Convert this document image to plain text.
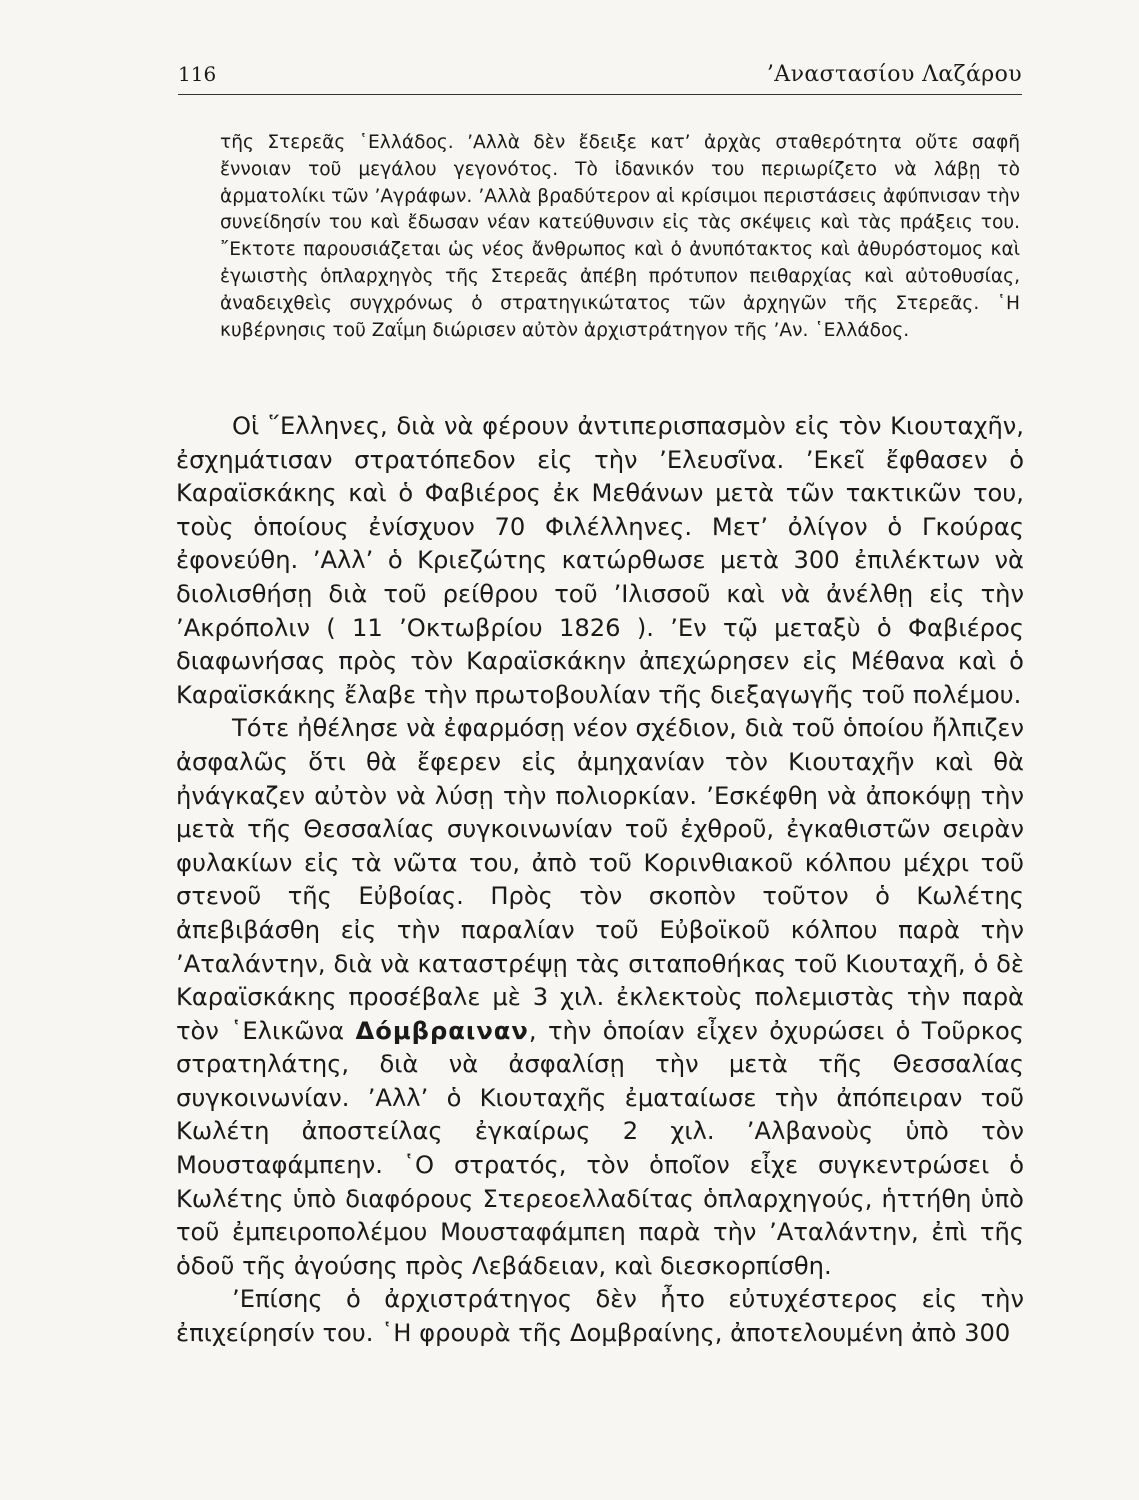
116	’Αναστασίου Λαζάρου

τῆς Στερεᾶς ῾Ελλάδος. ’Αλλὰ δὲν ἔδειξε κατ’ ἀρχὰς σταθερότητα οὔτε σαφῆ ἔννοιαν τοῦ μεγάλου γεγονότος. Τὸ ἰδανικόν του περιωρίζετο νὰ λάβῃ τὸ ἁρματολίκι τῶν ’Αγράφων. ’Αλλὰ βραδύτερον αἱ κρίσιμοι περιστάσεις ἀφύπνισαν τὴν συνείδησίν του καὶ ἔδωσαν νέαν κατεύθυνσιν εἰς τὰς σκέψεις καὶ τὰς πράξεις του. ῎Εκτοτε παρουσιάζεται ὡς νέος ἄνθρωπος καὶ ὁ ἀνυπότακτος καὶ ἀθυρόστομος καὶ ἐγωιστὴς ὁπλαρχηγὸς τῆς Στερεᾶς ἀπέβη πρότυπον πειθαρχίας καὶ αὐτοθυσίας, ἀναδειχθεὶς συγχρόνως ὁ στρατηγικώτατος τῶν ἀρχηγῶν τῆς Στερεᾶς. ῾Η κυβέρνησις τοῦ Ζαΐμη διώρισεν αὐτὸν ἀρχιστράτηγον τῆς ’Αν. ῾Ελλάδος.

Οἱ ῞Ελληνες, διὰ νὰ φέρουν ἀντιπερισπασμὸν εἰς τὸν Κιουταχῆν, ἐσχημάτισαν στρατόπεδον εἰς τὴν ’Ελευσῖνα. ’Εκεῖ ἔφθασεν ὁ Καραϊσκάκης καὶ ὁ Φαβιέρος ἐκ Μεθάνων μετὰ τῶν τακτικῶν του, τοὺς ὁποίους ἐνίσχυον 70 Φιλέλληνες. Μετ’ ὀλίγον ὁ Γκούρας ἐφονεύθη. ’Αλλ’ ὁ Κριεζώτης κατώρθωσε μετὰ 300 ἐπιλέκτων νὰ διολισθήσῃ διὰ τοῦ ρείθρου τοῦ ’Ιλισσοῦ καὶ νὰ ἀνέλθῃ εἰς τὴν ’Ακρόπολιν ( 11 ’Οκτωβρίου 1826 ). ’Εν τῷ μεταξὺ ὁ Φαβιέρος διαφωνήσας πρὸς τὸν Καραϊσκάκην ἀπεχώρησεν εἰς Μέθανα καὶ ὁ Καραϊσκάκης ἔλαβε τὴν πρωτοβουλίαν τῆς διεξαγωγῆς τοῦ πολέμου.

Τότε ἠθέλησε νὰ ἐφαρμόσῃ νέον σχέδιον, διὰ τοῦ ὁποίου ἤλπιζεν ἀσφαλῶς ὅτι θὰ ἔφερεν εἰς ἀμηχανίαν τὸν Κιουταχῆν καὶ θὰ ἠνάγκαζεν αὐτὸν νὰ λύσῃ τὴν πολιορκίαν. ’Εσκέφθη νὰ ἀποκόψῃ τὴν μετὰ τῆς Θεσσαλίας συγκοινωνίαν τοῦ ἐχθροῦ, ἐγκαθιστῶν σειρὰν φυλακίων εἰς τὰ νῶτα του, ἀπὸ τοῦ Κορινθιακοῦ κόλπου μέχρι τοῦ στενοῦ τῆς Εὐβοίας. Πρὸς τὸν σκοπὸν τοῦτον ὁ Κωλέτης ἀπεβιβάσθη εἰς τὴν παραλίαν τοῦ Εὐβοϊκοῦ κόλπου παρὰ τὴν ’Αταλάντην, διὰ νὰ καταστρέψῃ τὰς σιταποθήκας τοῦ Κιουταχῆ, ὁ δὲ Καραϊσκάκης προσέβαλε μὲ 3 χιλ. ἐκλεκτοὺς πολεμιστὰς τὴν παρὰ τὸν ῾Ελικῶνα Δόμβραιναν, τὴν ὁποίαν εἶχεν ὀχυρώσει ὁ Τοῦρκος στρατηλάτης, διὰ νὰ ἀσφαλίσῃ τὴν μετὰ τῆς Θεσσαλίας συγκοινωνίαν. ’Αλλ’ ὁ Κιουταχῆς ἐματαίωσε τὴν ἀπόπειραν τοῦ Κωλέτη ἀποστείλας ἐγκαίρως 2 χιλ. ’Αλβανοὺς ὑπὸ τὸν Μουσταφάμπεην. ῾Ο στρατός, τὸν ὁποῖον εἶχε συγκεντρώσει ὁ Κωλέτης ὑπὸ διαφόρους Στερεοελλαδίτας ὁπλαρχηγούς, ἡττήθη ὑπὸ τοῦ ἐμπειροπολέμου Μουσταφάμπεη παρὰ τὴν ’Αταλάντην, ἐπὶ τῆς ὁδοῦ τῆς ἀγούσης πρὸς Λεβάδειαν, καὶ διεσκορπίσθη.

’Επίσης ὁ ἀρχιστράτηγος δὲν ἦτο εὐτυχέστερος εἰς τὴν ἐπιχείρησίν του. ῾Η φρουρὰ τῆς Δομβραίνης, ἀποτελουμένη ἀπὸ 300
